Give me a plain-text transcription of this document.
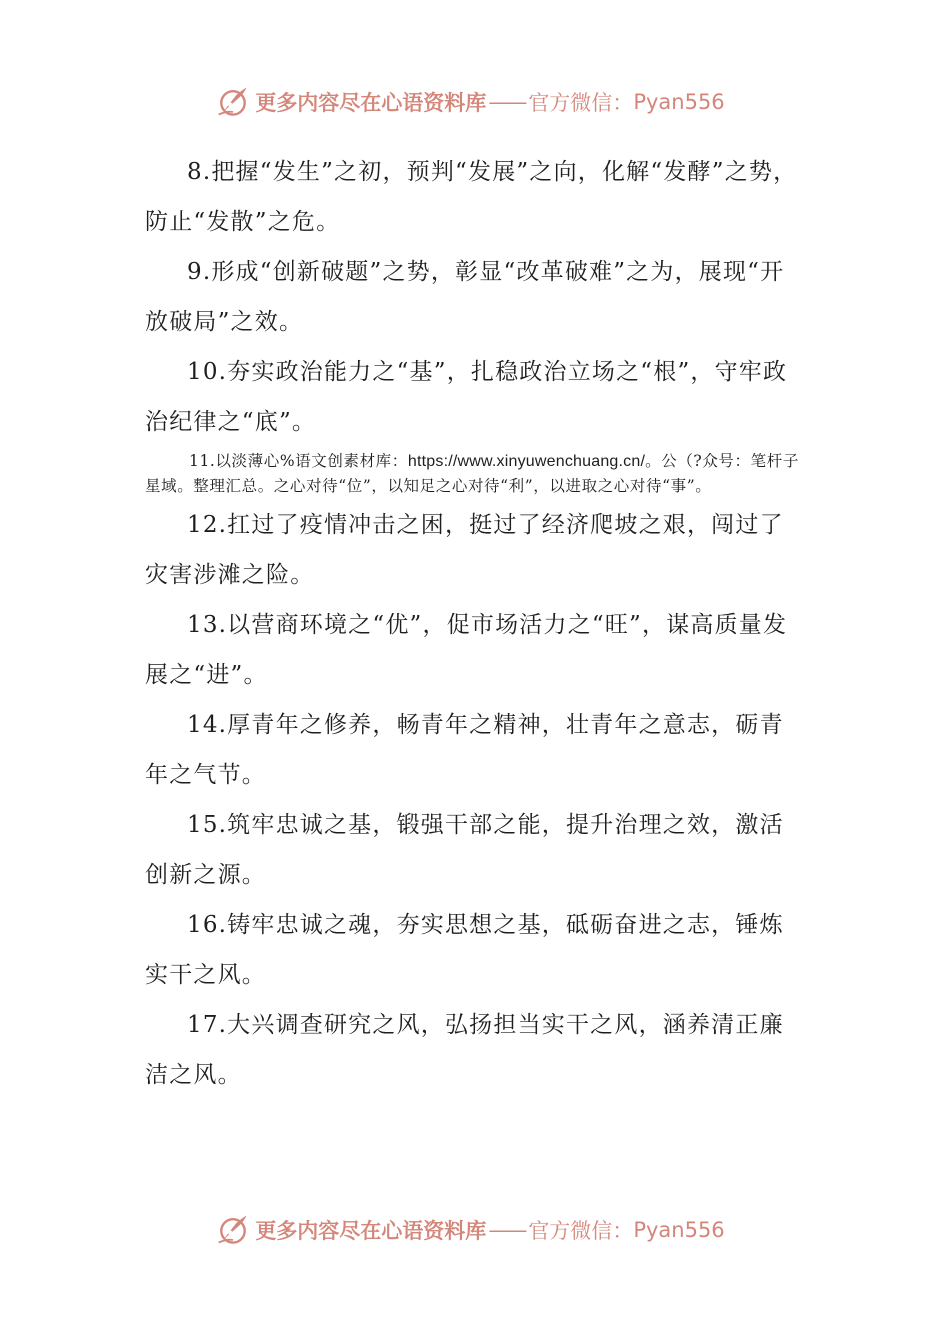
更多内容尽在心语资料库 —— 官方微信： Pyan556

8.把握“发生”之初，预判“发展”之向，化解“发酵”之势，防止“发散”之危。

9.形成“创新破题”之势，彰显“改革破难”之为，展现“开放破局”之效。

10.夯实政治能力之“基”，扎稳政治立场之“根”，守牢政治纪律之“底”。

11.以淡薄心%语文创素材库：https://www.xinyuwenchuang.cn/。公（?众号：笔杆子星域。整理汇总。之心对待“位”，以知足之心对待“利”，以进取之心对待“事”。

12.扛过了疫情冲击之困，挺过了经济爬坡之艰，闯过了灾害涉滩之险。

13.以营商环境之“优”，促市场活力之“旺”，谋高质量发展之“进”。

14.厚青年之修养，畅青年之精神，壮青年之意志，砺青年之气节。

15.筑牢忠诚之基，锻强干部之能，提升治理之效，激活创新之源。

16.铸牢忠诚之魂，夯实思想之基，砥砺奋进之志，锤炼实干之风。

17.大兴调查研究之风，弘扬担当实干之风，涵养清正廉洁之风。

更多内容尽在心语资料库 —— 官方微信： Pyan556
